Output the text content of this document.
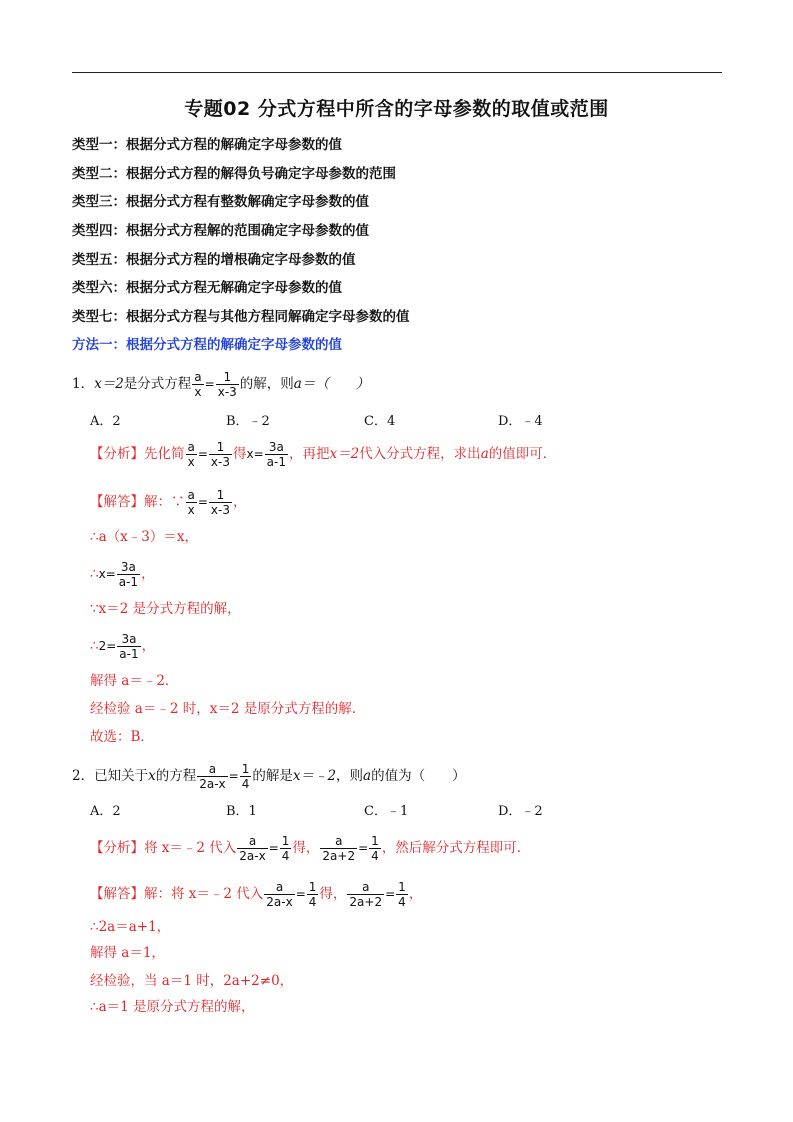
专题02 分式方程中所含的字母参数的取值或范围
类型一：根据分式方程的解确定字母参数的值
类型二：根据分式方程的解得负号确定字母参数的范围
类型三：根据分式方程有整数解确定字母参数的值
类型四：根据分式方程解的范围确定字母参数的值
类型五：根据分式方程的增根确定字母参数的值
类型六：根据分式方程无解确定字母参数的值
类型七：根据分式方程与其他方程同解确定字母参数的值
方法一：根据分式方程的解确定字母参数的值
1．x＝2是分式方程 $\frac{a}{x} = \frac{1}{x-3}$ 的解，则a＝（　　）
A．2	B．﹣2	C．4	D．﹣4
【分析】先化简 $\frac{a}{x} = \frac{1}{x-3}$ 得$x= \frac{3a}{a-1}$ ，再把x＝2代入分式方程，求出a的值即可．
【解答】解：∵ $\frac{a}{x} = \frac{1}{x-3}$ ，
∴a（x﹣3）＝x，
∴x= $\frac{3a}{a-1}$ ，
∵x＝2 是分式方程的解，
∴2= $\frac{3a}{a-1}$ ，
解得 a＝﹣2．
经检验 a＝﹣2 时，x＝2 是原分式方程的解．
故选：B．
2．已知关于x的方程 $\frac{a}{2a-x} = \frac{1}{4}$ 的解是x＝﹣2，则a的值为（　　）
A．2	B．1	C．﹣1	D．﹣2
【分析】将 x＝﹣2 代入 $\frac{a}{2a-x} = \frac{1}{4}$ 得， $\frac{a}{2a+2} = \frac{1}{4}$ ，然后解分式方程即可．
【解答】解：将 x＝﹣2 代入 $\frac{a}{2a-x} = \frac{1}{4}$ 得， $\frac{a}{2a+2} = \frac{1}{4}$ ，
∴2a＝a+1，
解得 a＝1，
经检验，当 a＝1 时，2a+2≠0，
∴a＝1 是原分式方程的解，
